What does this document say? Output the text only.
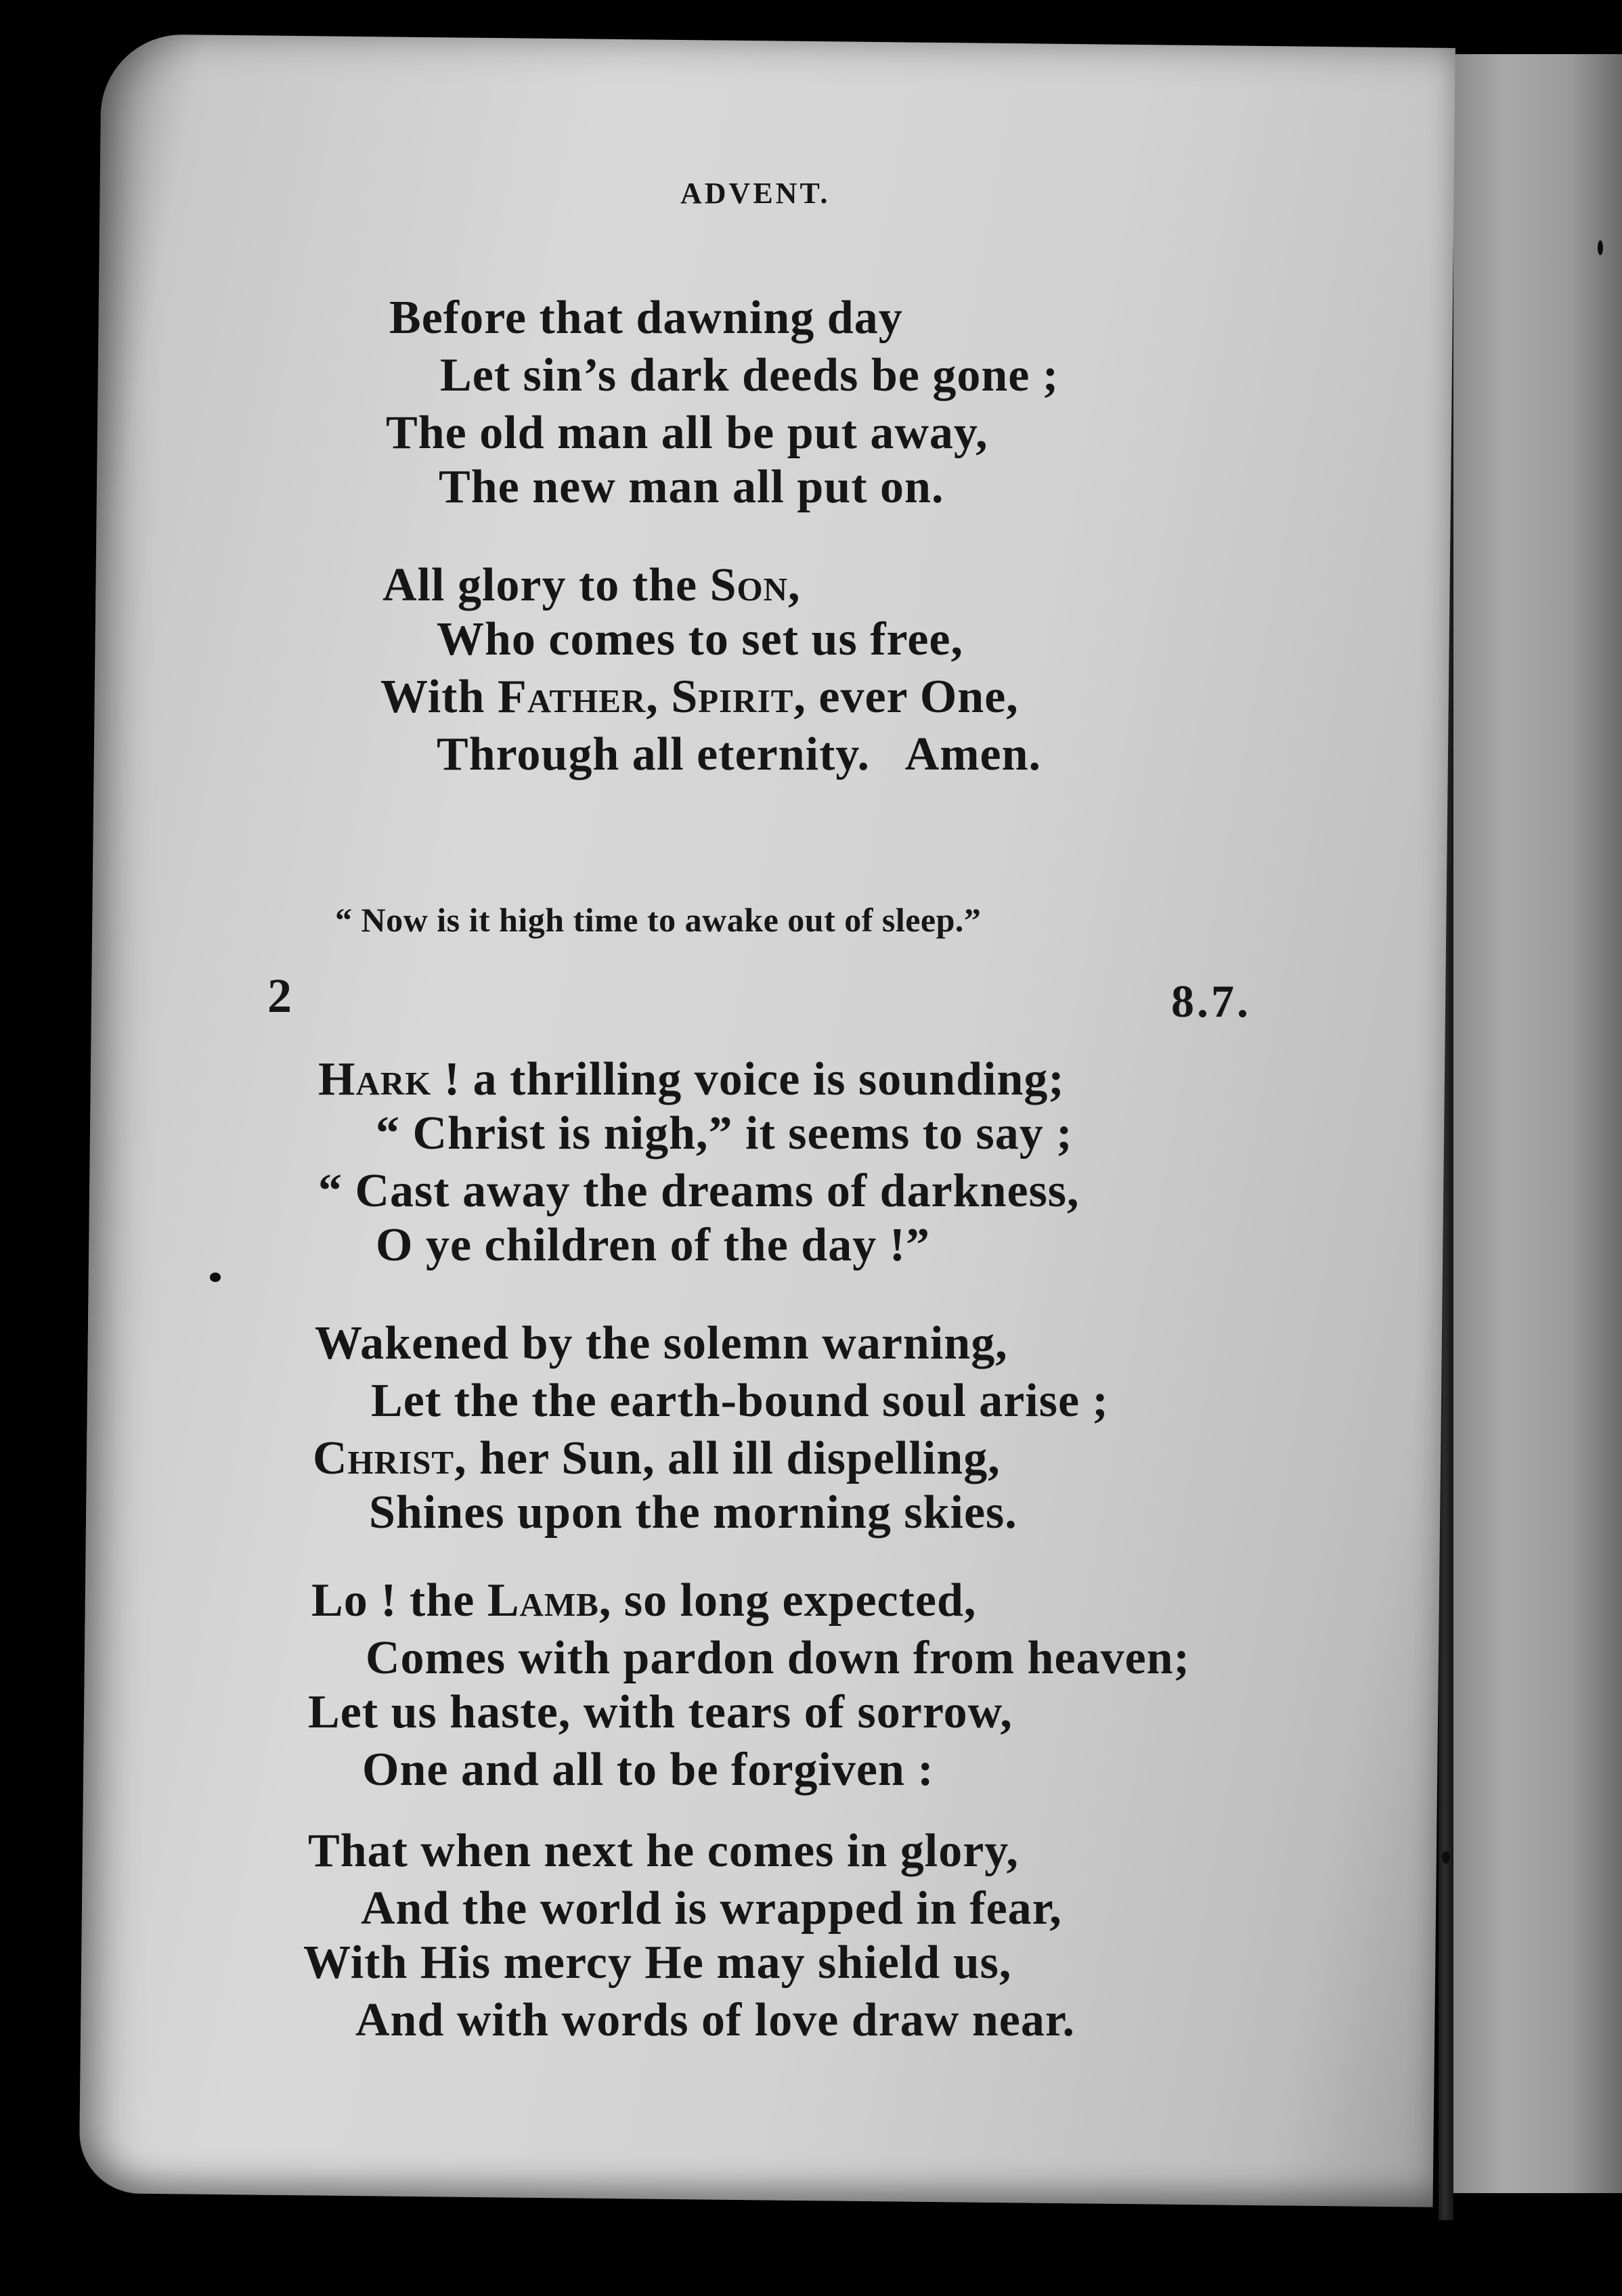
ADVENT.
Before that dawning day
Let sin’s dark deeds be gone ;
The old man all be put away,
The new man all put on.
All glory to the Son,
Who comes to set us free,
With Father, Spirit, ever One,
Through all eternity.   Amen.
“ Now is it high time to awake out of sleep.”
2	8.7.
Hark ! a thrilling voice is sounding;
“ Christ is nigh,” it seems to say ;
“ Cast away the dreams of darkness,
O ye children of the day !”
Wakened by the solemn warning,
Let the the earth-bound soul arise ;
Christ, her Sun, all ill dispelling,
Shines upon the morning skies.
Lo ! the Lamb, so long expected,
Comes with pardon down from heaven;
Let us haste, with tears of sorrow,
One and all to be forgiven :
That when next he comes in glory,
And the world is wrapped in fear,
With His mercy He may shield us,
And with words of love draw near.
